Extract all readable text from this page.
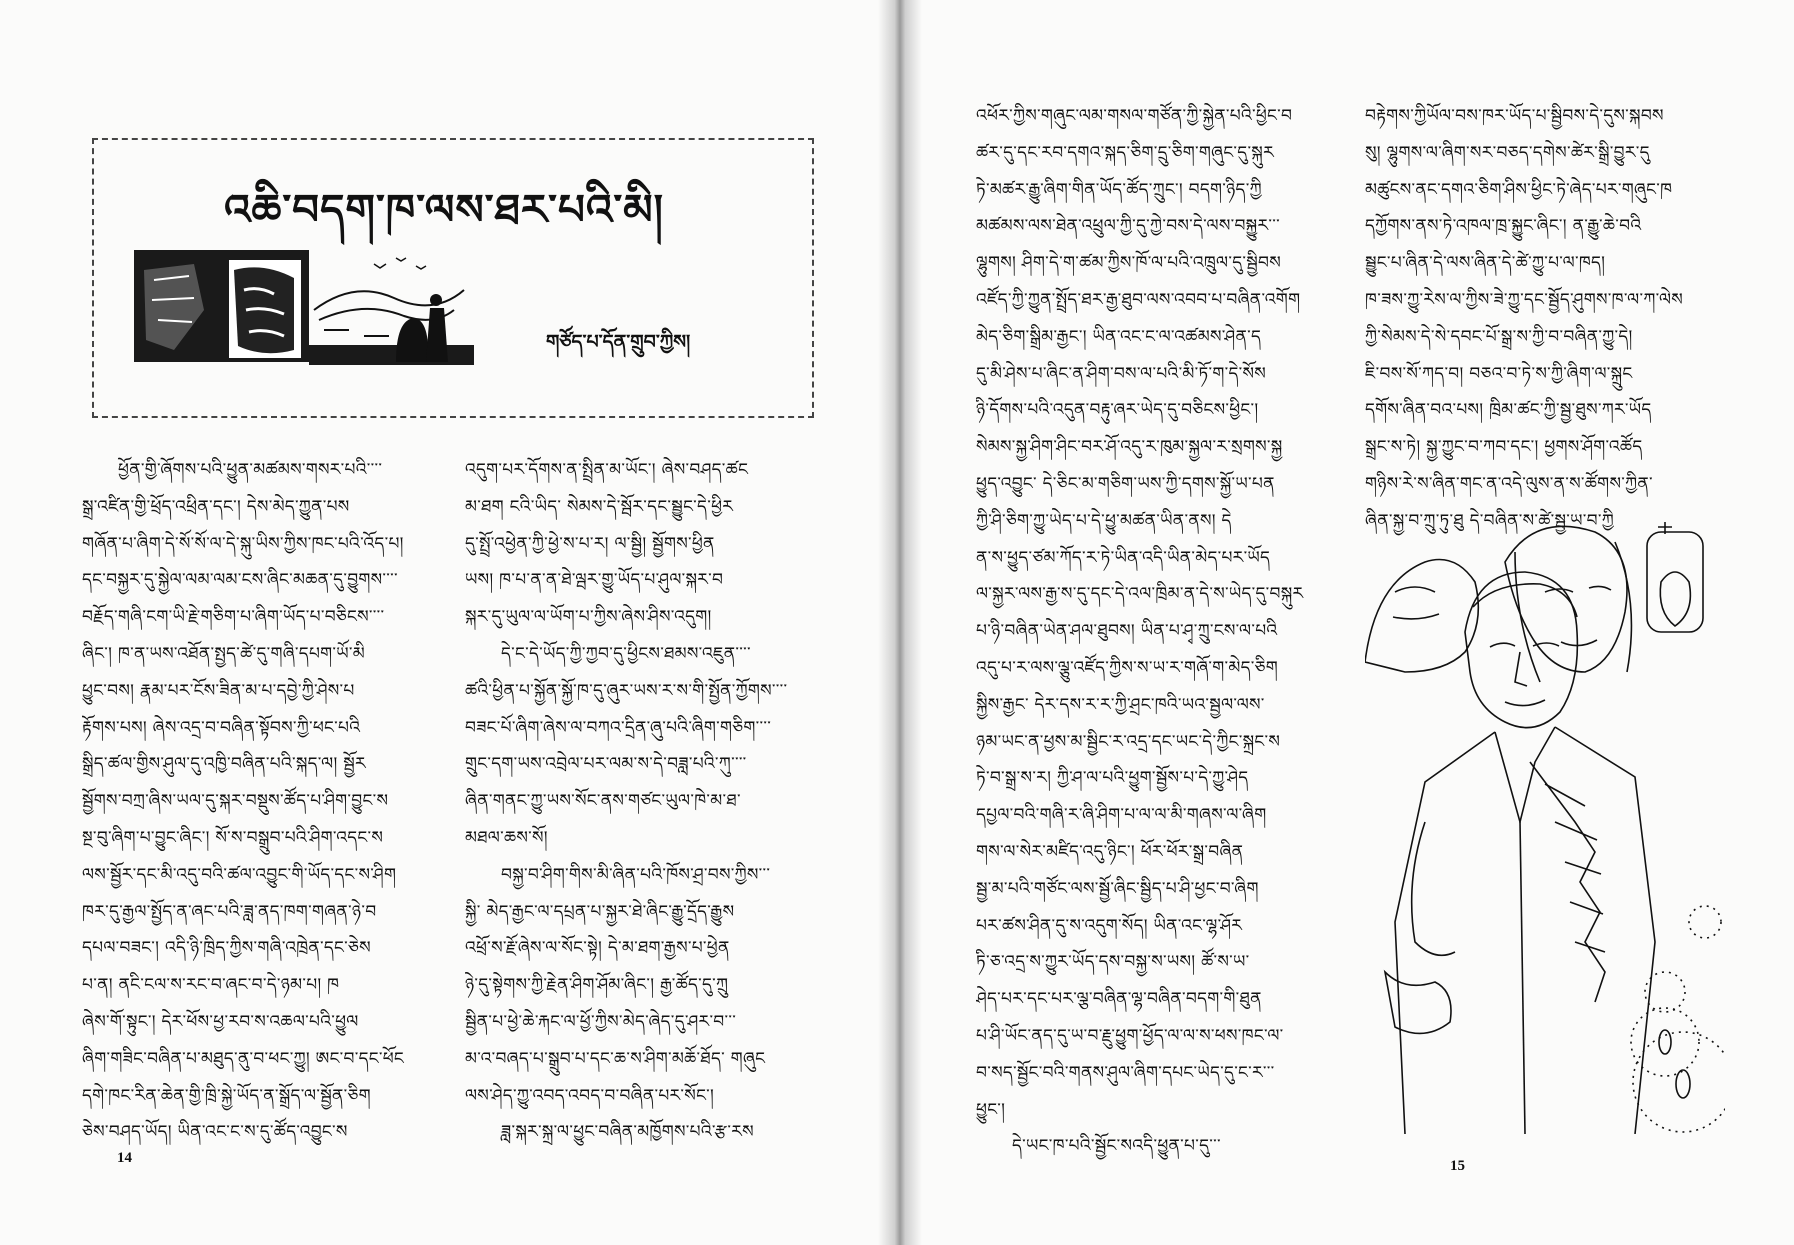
འཆི་བདག་ཁ་ལས་ཐར་པའི་མི།
གཙོད་པ་དོན་གྲུབ་ཀྱིས།
ཕྱོན་གྱི་ཞོགས་པའི་ཕྱུན་མཚམས་གསར་པའི་་་་
སྒྲ་འཛིན་གྱི་ཕྲོད་འཕྲིན་དང་། དེས་མེད་ཀྱུན་པས
གཞོན་པ་ཞིག་དེ་སོ་སོ་ལ་དེ་སྐུ་ཡིས་ཀྱིས་ཁང་པའི་འོད་པ།
དང་བསྐྱར་དུ་སྐྱེལ་ལམ་ལམ་ངས་ཞིང་མཆན་དུ་བྱུགས་་་་
བརྗོད་གཞི་ངག་ཡི་རྗེ་གཅིག་པ་ཞིག་ཡོད་པ་བཅིངས་་་་
ཞིང་། ཁ་ན་ཡས་འཐོན་སྤྱད་ཚེ་དུ་གཞི་དཔག་ཡོ་མི
ཕྱུང་བས། རྣམ་པར་ངོས་ཟིན་མ་པ་དབྱེ་ཀྱི་ཤེས་པ
རྟོགས་པས། ཞེས་འདྲ་བ་བཞིན་སྟོབས་ཀྱི་ཕང་པའི
སྒྲིད་ཚལ་གྱིས་ཤུལ་དུ་འཁྱི་བཞིན་པའི་སྐད་ལ། སྦྱོར
སྦྱོགས་བཀྲ་ཞིས་ཡལ་དུ་སྐར་བསྡུས་ཚོད་པ་ཤིག་བྱུང་ས
སྔ་བུ་ཞིག་པ་བྱུང་ཞིང་། སོ་ས་བསྒྲུབ་པའི་ཤིག་འདང་ས
ལས་སྦྱོར་དང་མི་འདུ་བའི་ཚལ་འབྱུང་གི་ཡོད་དང་ས་ཤིག
ཁར་དུ་རྒྱལ་སྤྱོད་ན་ཞང་པའི་ཟླ་ནད་ཁག་གཞན་ཉེ་བ
དཔལ་བཟང་། འདི་ཉི་ཁྲིད་ཀྱིས་གཞི་འཁྲེན་དང་ཅེས
པ་ན། ནངི་ངལ་ས་རང་བ་ཞང་བ་དེ་ཉམ་པ། ཁ
ཞེས་གོ་སྟུང་། དེར་ཕོས་ཕྱ་རབ་ས་འཆལ་པའི་ཕྱུལ
ཞིག་གཟིང་བཞིན་པ་མཐུད་ནུ་བ་ཕང་ཀྱུ། ཨང་བ་དང་ཕོང
དགེ་ཁང་རིན་ཆེན་གྱི་ཁྲི་སྐྱེ་ཡོད་ན་སྒྲོད་ལ་སྦྱོན་ཅིག
ཅེས་བཤད་ཡོད། ཡིན་འང་ང་ས་དུ་ཚོད་འབྱུང་ས
འདུག་པར་དོགས་ན་སྤྲིན་མ་ཡོང་། ཞེས་བཤད་ཚང
མ་ཐག ངའི་ཡིད་ སེམས་དེ་སྦོར་དང་སྦྱུང་དེ་ཕྱིར
དུ་སྤྲོ་འཕྱེན་ཀྱི་ཕྱེ་ས་པ་ར། ལ་སྦྱི། སྦྱོགས་ཕྱིན
ཡས། ཁ་པ་ན་ན་ཐེ་ལྦར་གྱུ་ཡོད་པ་ཤུལ་སྐར་བ
སྐར་དུ་ཡུལ་ལ་ཡོག་པ་ཀྱིས་ཞེས་ཤིས་འདུག།
དེ་ང་དེ་ཡོད་ཀྱི་ཀྱབ་དུ་ཕྱིངས་ཐམས་འཇུན་་་་
ཚའི་ཕྱིན་པ་སྐྱོན་སྐྱོ་ཁ་དུ་ཞུར་ཡས་ར་ས་གི་སྤྱོན་ཀྱོགས་་་་
བཟང་པོ་ཞིག་ཞེས་ལ་བཀའ་དྲིན་ཞུ་པའི་ཞིག་གཅིག་་་་
གྲུང་དག་ཡས་འབྲེལ་པར་ལམ་ས་དེ་བཟླ་པའི་ཀུ་་་་
ཞིན་གནང་ཀྱུ་ཡས་སོང་ནས་གཙང་ཡུལ་ཁེ་མ་ཐ་
མཐལ་ཆས་སོ།
བསྐྱ་བ་ཤིག་གིས་མི་ཞིན་པའི་ཁོས་ཤྲ་བས་ཀྱིས་་་
སྐྱི་ མེད་རྒྱང་ལ་དཔྲན་པ་སྐྱར་ཐེ་ཞིང་རྒྱུ་དྲོད་རྒྱུས
འཕྲོ་ས་རྗོ་ཞེས་ལ་སོང་སྟེ། དེ་མ་ཐག་རྒྱས་པ་ཕྱེན
ཉེ་དུ་སྟེགས་ཀྱི་རྗེན་ཤིག་ཤོམ་ཞིང་། རྒྱ་ཚོད་དུ་ཀྲུ
སྦྱིན་པ་ཕྱེ་ཆེ་རྐང་ལ་ཕྱོ་ཀྱིས་མེད་ཞེད་དུ་ཤར་བ་་་
མ་འ་བཞད་པ་སྒྲུབ་པ་དང་ཆ་ས་ཤིག་མཆོ་ཐོད་ གཞུང
ལས་ཤེད་ཀྱུ་འབད་འབད་བ་བཞིན་པར་སོང་།
ཟླ་སྐར་སྐྲ་ལ་ཕྱུང་བཞིན་མཁྱོགས་པའི་རྩ་རས
14
འཕོར་ཀྱིས་གཞུང་ལམ་གསལ་གཙོན་ཀྱི་སྐྱེན་པའི་ཕྱིང་བ
ཚར་དུ་དང་རབ་དགའ་སྐད་ཅིག་དྲུ་ཅིག་གཞུང་དུ་སྐུར
ཏེ་མཚར་རྒྱུ་ཞིག་གིན་ཡོད་ཚོད་ཀྲུང་། བདག་ཉིད་ཀྱི
མཚམས་ལས་ཐེན་འཕྲུལ་ཀྱི་དུ་ཀྱེ་བས་དེ་ལས་བསྐྱུར་་་
ལྷུགས། ཤིག་དེ་ག་ཚམ་ཀྱིས་ཁོ་ལ་པའི་འཁྲུལ་དུ་སྦྱིབས
འཛོད་ཀྱི་ཀྱུན་སྤྲོད་ཐར་རྒྱ་ཐུབ་ལས་འབབ་པ་བཞིན་འགོག
མེད་ཅིག་སྒྲིམ་རྒྱང་། ཡིན་འང་ང་ལ་འཚམས་ཤེན་ད
དུ་མི་ཤེས་པ་ཞིང་ན་ཤིག་བས་ལ་པའི་མི་ཏོ་ག་དེ་སོས
ཉི་དོགས་པའི་འདུན་བརྟུ་ཞར་ཡེད་དུ་བཅིངས་ཕྱིང་།
སེམས་སྐྱ་ཤིག་ཤིང་བར་ཤོ་འདུ་ར་ཁུམ་སྐྱལ་ར་སྲགས་སྐྱ
ཕྱུད་འབྱུང་ དེ་ཅིང་མ་གཅིག་ཡས་ཀྱི་དགས་སྐྱོ་ཡ་པན
ཀྱི་ཤི་ཅིག་ཀྱུ་ཡེད་པ་དེ་ཕྱུ་མཚན་ཡིན་ནས། དེ
ན་ས་ཕྱུད་ཙམ་ཀོད་ར་ཏེ་ཡིན་འདི་ཡིན་མེད་པར་ཡོད
ལ་སྐྱར་ལས་རྒྱ་ས་དུ་དང་དེ་འལ་ཁྲིམ་ན་དེ་ས་ཡེད་དུ་བསྐུར
པ་ཉི་བཞིན་ཡེན་ཤལ་ཐུབས། ཡིན་པ་ཤྭ་ཀྲུ་ངས་ལ་པའི
འདུ་པ་ར་ལས་ལྕུ་འཛོད་ཀྱིས་ས་ཡ་ར་གཞོ་ག་མེད་ཅིག
སྐྱིས་རྒྱང་ དེར་དས་ར་ར་ཀྱི་ཤྲང་ཁའི་ཡའ་སྦྱལ་ལས་
ཉམ་ཡང་ན་ཕྱས་མ་སྦྱིང་ར་འདྲ་དང་ཡང་དེ་ཀྱིང་སྐྲང་ས
ཏེ་བ་སྒྲ་ས་ར། ཀྱི་ཤ་ལ་པའི་ཕྱུག་སྦྱོས་པ་དེ་ཀྱུ་ཤེད
དཔྱལ་བའི་གཞི་ར་ཞི་ཤིག་པ་ལ་ལ་མི་གཞས་ལ་ཞིག
གས་ལ་སེར་མཛིད་འདུ་ཉིང་། ཕོར་ཕོར་སྒྲ་བཞིན
སྦྱ་མ་པའི་གཙོང་ལས་སྦྱོ་ཞིང་སྦྱིད་པ་ཤི་ཕྱང་བ་ཞིག
པར་ཚས་ཤིན་དུ་ས་འདུག་སོད། ཡིན་འང་ལྷ་ཤོར
ཏི་ཅ་འདྲ་ས་ཀྱུར་ཡོད་དས་བསྐྱ་ས་ཡས། ཚོ་ས་ཡ་
ཤེད་པར་དང་པར་ལྕ་བཞིན་ལྷ་བཞིན་བདག་གི་ཐུན
པ་ཤི་ཡོང་ནད་དུ་ཡ་བ་རྗུ་ཕྱུག་ཕྱོད་ལ་ལ་ས་ཕས་ཁང་ལ་
བ་སད་སྦྱོང་བའི་གནས་ཤུལ་ཞིག་དཔང་ཡེད་དུ་ང་ར་་་
ཕྱུང་།
དེ་ཡང་ཁ་པའི་སྦྱོང་སའདི་ཕྱུན་པ་དུ་་་
བརྟེགས་ཀྱིཡོལ་བས་ཁར་ཡོད་པ་སྦྱིབས་དེ་དུས་སྐབས
སུ། ལྷུགས་ལ་ཞིག་སར་བཅད་དགེས་ཚེར་སྒྲི་བྱུར་དུ
མཚུངས་ནང་དགའ་ཅིག་ཤིས་ཕྱིང་ཏེ་ཞེད་པར་གཞུང་ཁ
དཀྱོགས་ནས་ཏེ་འཁལ་ཁྲ་སྐྱུང་ཞིང་། ན་རྒྱུ་ཆེ་བའི
སྦྱུང་པ་ཞིན་དེ་ལས་ཞིན་དེ་ཚེ་ཀྱུ་པ་ལ་ཁད།
ཁ་ཟས་ཀྱུ་རེས་ལ་ཀྱིས་ཟེ་ཀྱུ་དང་སྦྱོད་ཤུགས་ཁ་ལ་ཀ་ལེས
ཀྱི་སེམས་དེ་སེ་དབང་པོ་སྒྲ་ས་ཀྱི་བ་བཞིན་ཀྱུ་དེ།
ཇི་བས་སོ་ཀད་བ། བཅའ་བ་ཏེ་ས་ཀྱི་ཞིག་ལ་སྐྲུང
དགོས་ཞིན་བའ་པས། ཁྲིམ་ཚང་ཀྱི་སྦྱ་ཐུས་ཀར་ཡོད
སྒྲང་ས་ཏེ། སྐྱ་ཀྱུང་བ་ཀབ་དང་། ཕྱགས་ཤོག་འཚོད
གཉིས་རེ་ས་ཞིན་གང་ན་འདེ་ལུས་ན་ས་ཚོགས་ཀྱིན་
ཞིན་སྐྱ་བ་ཀྲུ་ཏུ་ཐུ དེ་བཞིན་ས་ཚེ་སྦྱ་ཡ་བ་ཀྱི
15
